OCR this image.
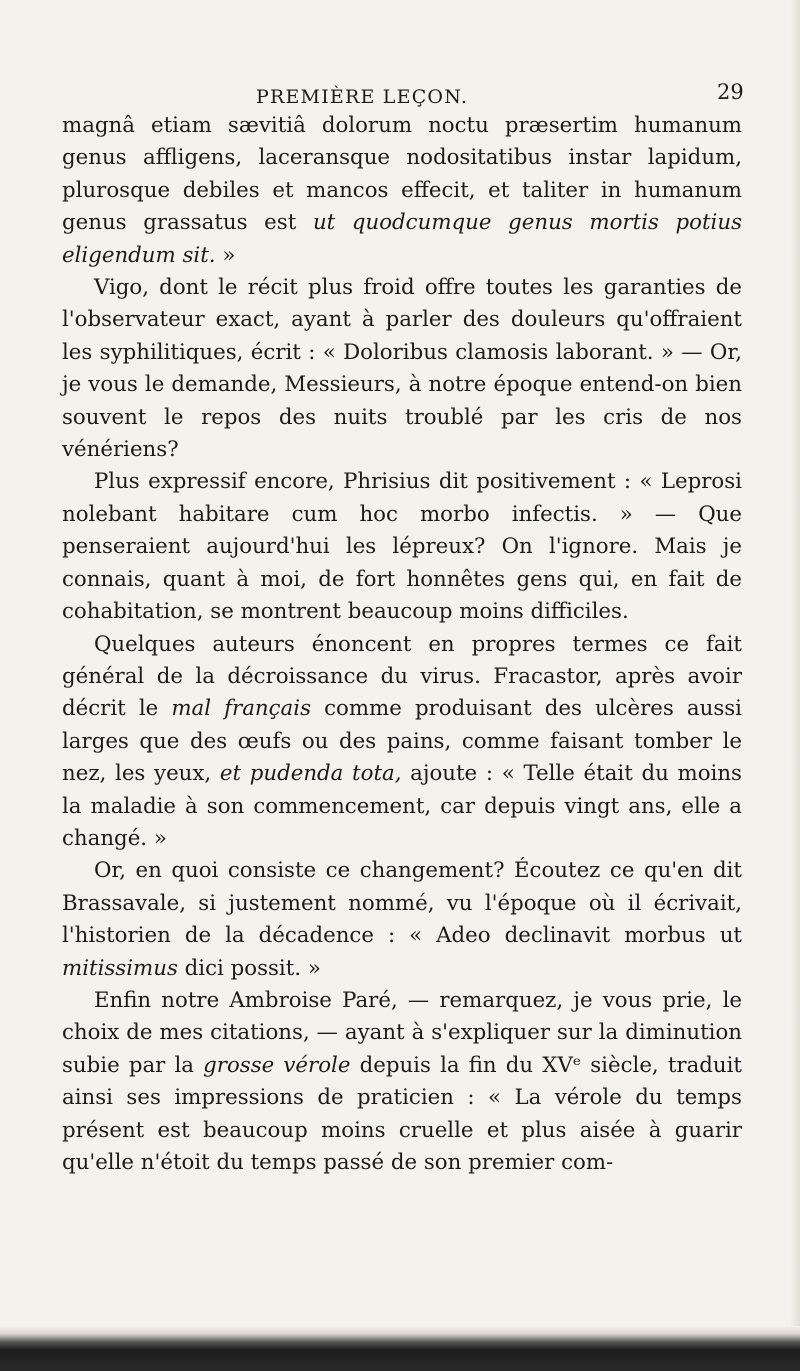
PREMIÈRE LEÇON.	29

magnâ etiam sævitiâ dolorum noctu præsertim humanum genus affligens, laceransque nodositatibus instar lapidum, plurosque debiles et mancos effecit, et taliter in humanum genus grassatus est ut quodcumque genus mortis potius eligendum sit. »

Vigo, dont le récit plus froid offre toutes les garanties de l'observateur exact, ayant à parler des douleurs qu'offraient les syphilitiques, écrit : « Doloribus clamosis laborant. » — Or, je vous le demande, Messieurs, à notre époque entend-on bien souvent le repos des nuits troublé par les cris de nos vénériens?

Plus expressif encore, Phrisius dit positivement : « Leprosi nolebant habitare cum hoc morbo infectis. » — Que penseraient aujourd'hui les lépreux? On l'ignore. Mais je connais, quant à moi, de fort honnêtes gens qui, en fait de cohabitation, se montrent beaucoup moins difficiles.

Quelques auteurs énoncent en propres termes ce fait général de la décroissance du virus. Fracastor, après avoir décrit le mal français comme produisant des ulcères aussi larges que des œufs ou des pains, comme faisant tomber le nez, les yeux, et pudenda tota, ajoute : « Telle était du moins la maladie à son commencement, car depuis vingt ans, elle a changé. »

Or, en quoi consiste ce changement? Écoutez ce qu'en dit Brassavale, si justement nommé, vu l'époque où il écrivait, l'historien de la décadence : « Adeo declinavit morbus ut mitissimus dici possit. »

Enfin notre Ambroise Paré, — remarquez, je vous prie, le choix de mes citations, — ayant à s'expliquer sur la diminution subie par la grosse vérole depuis la fin du XVᵉ siècle, traduit ainsi ses impressions de praticien : « La vérole du temps présent est beaucoup moins cruelle et plus aisée à guarir qu'elle n'étoit du temps passé de son premier com-
